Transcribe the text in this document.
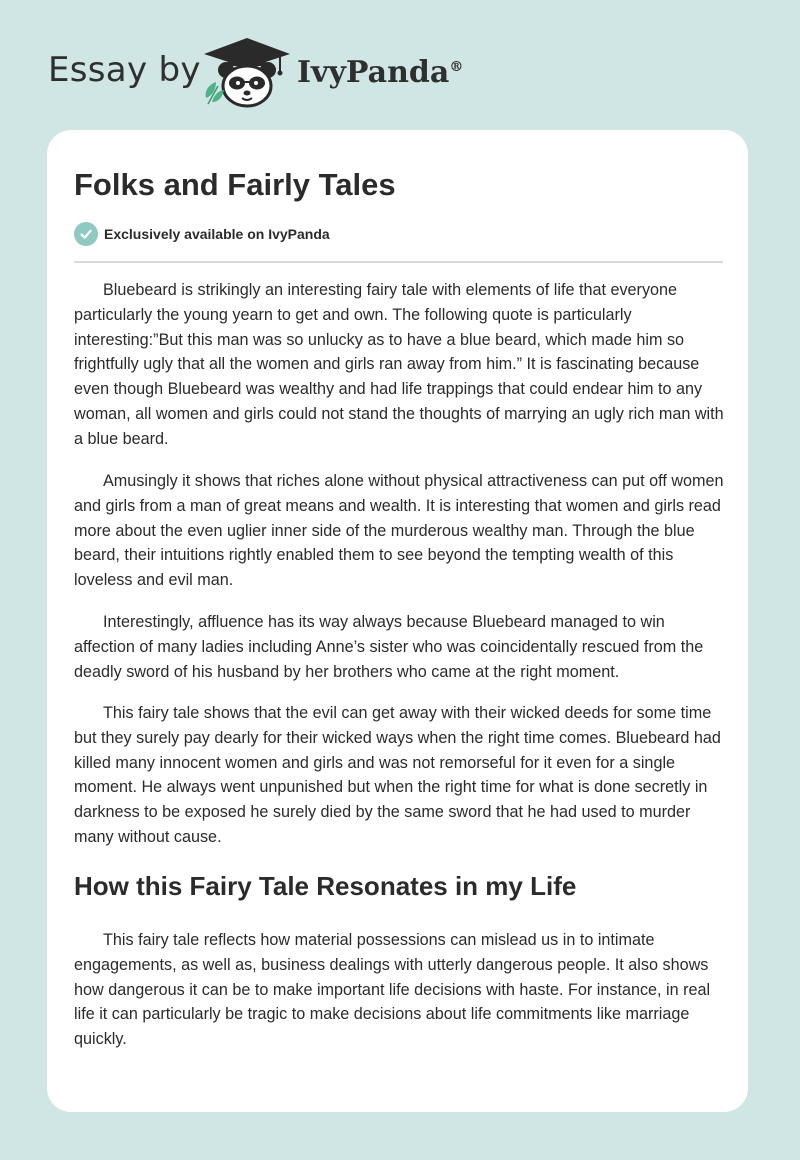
Essay by	IvyPanda®
Folks and Fairly Tales
Exclusively available on IvyPanda

Bluebeard is strikingly an interesting fairy tale with elements of life that everyone particularly the young yearn to get and own. The following quote is particularly interesting:”But this man was so unlucky as to have a blue beard, which made him so frightfully ugly that all the women and girls ran away from him.” It is fascinating because even though Bluebeard was wealthy and had life trappings that could endear him to any woman, all women and girls could not stand the thoughts of marrying an ugly rich man with a blue beard.

Amusingly it shows that riches alone without physical attractiveness can put off women and girls from a man of great means and wealth. It is interesting that women and girls read more about the even uglier inner side of the murderous wealthy man. Through the blue beard, their intuitions rightly enabled them to see beyond the tempting wealth of this loveless and evil man.

Interestingly, affluence has its way always because Bluebeard managed to win affection of many ladies including Anne’s sister who was coincidentally rescued from the deadly sword of his husband by her brothers who came at the right moment.

This fairy tale shows that the evil can get away with their wicked deeds for some time but they surely pay dearly for their wicked ways when the right time comes. Bluebeard had killed many innocent women and girls and was not remorseful for it even for a single moment. He always went unpunished but when the right time for what is done secretly in darkness to be exposed he surely died by the same sword that he had used to murder many without cause.

How this Fairy Tale Resonates in my Life

This fairy tale reflects how material possessions can mislead us in to intimate engagements, as well as, business dealings with utterly dangerous people. It also shows how dangerous it can be to make important life decisions with haste. For instance, in real life it can particularly be tragic to make decisions about life commitments like marriage quickly.
